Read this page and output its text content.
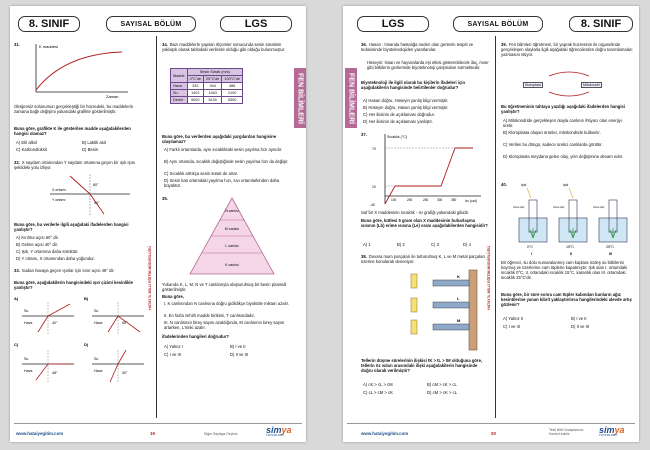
8. SINIF	SAYISAL BÖLÜM	LGS
HATAY İL MİLLİ EĞİTİM MÜDÜRLÜĞÜ
FEN BİLİMLERİ
31.	K maddesi
Zaman
Oksijensiz solunumun gerçekleştiği bir hücredeki, bu maddelerin zamana bağlı değişimi yukarıdaki grafikte gösterilmiştir.
Buna göre, grafikte K ile gösterilen madde aşağıdakilerden hangisi olamaz?
A) Etil alkol	B) Laktik asit
C) Karbondioksit	D) Besin
32. X saydam ortamından Y saydam ortamına geçen bir ışık ışını şekildeki yolu izliyor.
X ortamı
Y ortamı
60°
40°
Buna göre, bu verilerle ilgili aşağıdaki ifadelerden hangisi yanlıştır?
A) Kırılma açısı 60° dir.
B) Gelme açısı 40° dir.
C) Işık, Y ortamına daha sürüktür.
D) Y ortamı, X ortamından daha yoğundur.
33. Sudan havaya geçen ışınlar için sınır açısı 48° dir.
Buna göre, aşağıdakilerin hangisindeki ışın çizimi kesinlikle yanlıştır?
A)
40°
Su
Hava
B)
50°
Su
Hava
C)
48°
Su
Hava
D)
40°
Su
Hava
34. Bazı maddelerle yapılan ölçümler sonucunda sesin süratinin yaklaşık olarak tablodaki verilerde olduğu gibi olduğu bulunmuştur.
Madde	Sesin Sürati (m/s)		
	0°C'de	25°C'de	100°C'de
Hava	332	344	386
Su	1402	1463	2100
Demir	5000	5130	5300
Buna göre, bu verilerden aşağıdaki yargılardan hangisine ulaşılamaz?
A) Farklı ortamlarda, aynı sıcaklıktaki sesin yayılma hızı aynıdır.
B) Aynı ortamda, sıcaklık değiştiğinde sesin yayılma hızı da değişir.
C) Sıcaklık arttıkça sesin sürati de artar.
D) Sesin katı ortamdaki yayılma hızı, sıvı ortamlarkinden daha büyüktür.
35.
N canlısı
M canlısı
L canlısı
K canlısı
Yukarıda K, L, M, N ve T canlılarıyla oluşturulmuş bir besin piramidi gösterilmiştir.
Buna göre,
I. K canlısından N canlısına doğru gidildikçe biyokütle miktarı azalır.
II. En fazla zehirli madde birikimi, T canlısındadır.
III. N canlısının birey sayısı azaldığında, M canlısının birey sayısı artarken, L'ninki azalır.
ifadelerinden hangileri doğrudur?
A) Yalnız I	B) I ve II
C) I ve III	D) II ve III
www.hataiyegitim.com	19	Diğer Sayfaya Geçiniz	simya
YAYINLARI
LGS	SAYISAL BÖLÜM	8. SINIF
HATAY İL MİLLİ EĞİTİM MÜDÜRLÜĞÜ
FEN BİLİMLERİ
36. Hasan : İnsanda hastalığa neden olan genlerin tespiti ve tedavisinde biyoteknolojiden yararlanılar.
Hüseyin: İnsan ve hayvanlarda eşi etkisi gösterebilecek ilaç, mısır gibi bitkilerin genlerinde biyoteknoloji çalışmaları sürmektedir.
Biyoteknoloji ile ilgili olarak bu kişilerin ifadeleri için aşağıdakilerin hangisinde belirtilenler doğrudur?
A) Hasan doğru, Hüseyin yanlış bilgi vermiştir.
B) Hüseyin doğru, Hasan yanlış bilgi vermiştir.
C) Her ikisinin de açıklaması doğrudur.
D) Her ikisinin de açıklaması yanlıştır.
37.	Sıcaklık (°C)
Isı (cal)
70
10
-40
100	200	250	300	350
Saf bir X maddesinin sıcaklık - ısı grafiği yukarıdaki gibidir.
Buna göre, kütlesi 5 gram olan X maddesinin buharlaşma ısısının (Lb) erime ısısına (Le) oranı aşağıdakilerden hangisidir?
A) 1	B) 2	C) 3	D) 4
38. Duvara mum parçaları ile tutturulmuş K, L ve M metal parçaları üzerine konularak deneniyor.
K
L
M
Tellerin düşme sürelerinin ilişkisi tK > tL > tM olduğuna göre, tellerin öz ısıları arasındaki ilişki aşağıdakilerin hangisinde doğru olarak verilmiştir?
A) cK > cL > cM	B) cM > cK > cL
C) cL > cM > cK	D) cM > cK > cL
39. Fen bilimleri öğretmeni, bir yaprak hücresinin iki organelinde gerçekleşen olaylarla ilgili aşağıdaki öğrencilerden doğru tanımlamaları yazmasını istiyor.
Kloroplast	Mitokondri
Bu öğretmeninin tahtaya yazdığı aşağıdaki ifadelerden hangisi yanlıştır?
A) Mitokondride gerçekleşen olayla canlının ihtiyacı olan enerjiyi üretir.
B) Kloroplasta oluşan ürünler, mitokondride kullanılır.
C) Verilen bu döngü, sadece üretici canlılarda görülür.
D) Kloroplasta meydana gelen olay, yılın değişimine devam eder.
40.	Işık
Cam tüp
0°C
I
Işık
Cam tüp
15°C
II
Cam tüp
25°C
III
Bir öğrenci, su dolu numaralanmış cam kaplara özdeş su bitkilerini koymuş ve üzerlerine cam tüplerle kapatmıştır. Işık alan I. ortamdaki sıcaklık 0°C, II. ortamdaki sıcaklık 15°C, karanlık olan III. ortamdaki sıcaklık 25°C'dir.
Buna göre, bir süre sonra cam tüpler kabından bunların ağız kesintilerine yanan kibrit yaklaştırılırsa hangilerindeki alevde artış gözlenir?
A) Yalnız II	B) I ve II
C) I ve III	D) II ve III
www.hataiyegitim.com	20
Testi Bitti Cevaplarınızı Kontrol ediniz	simya
YAYINLARI
